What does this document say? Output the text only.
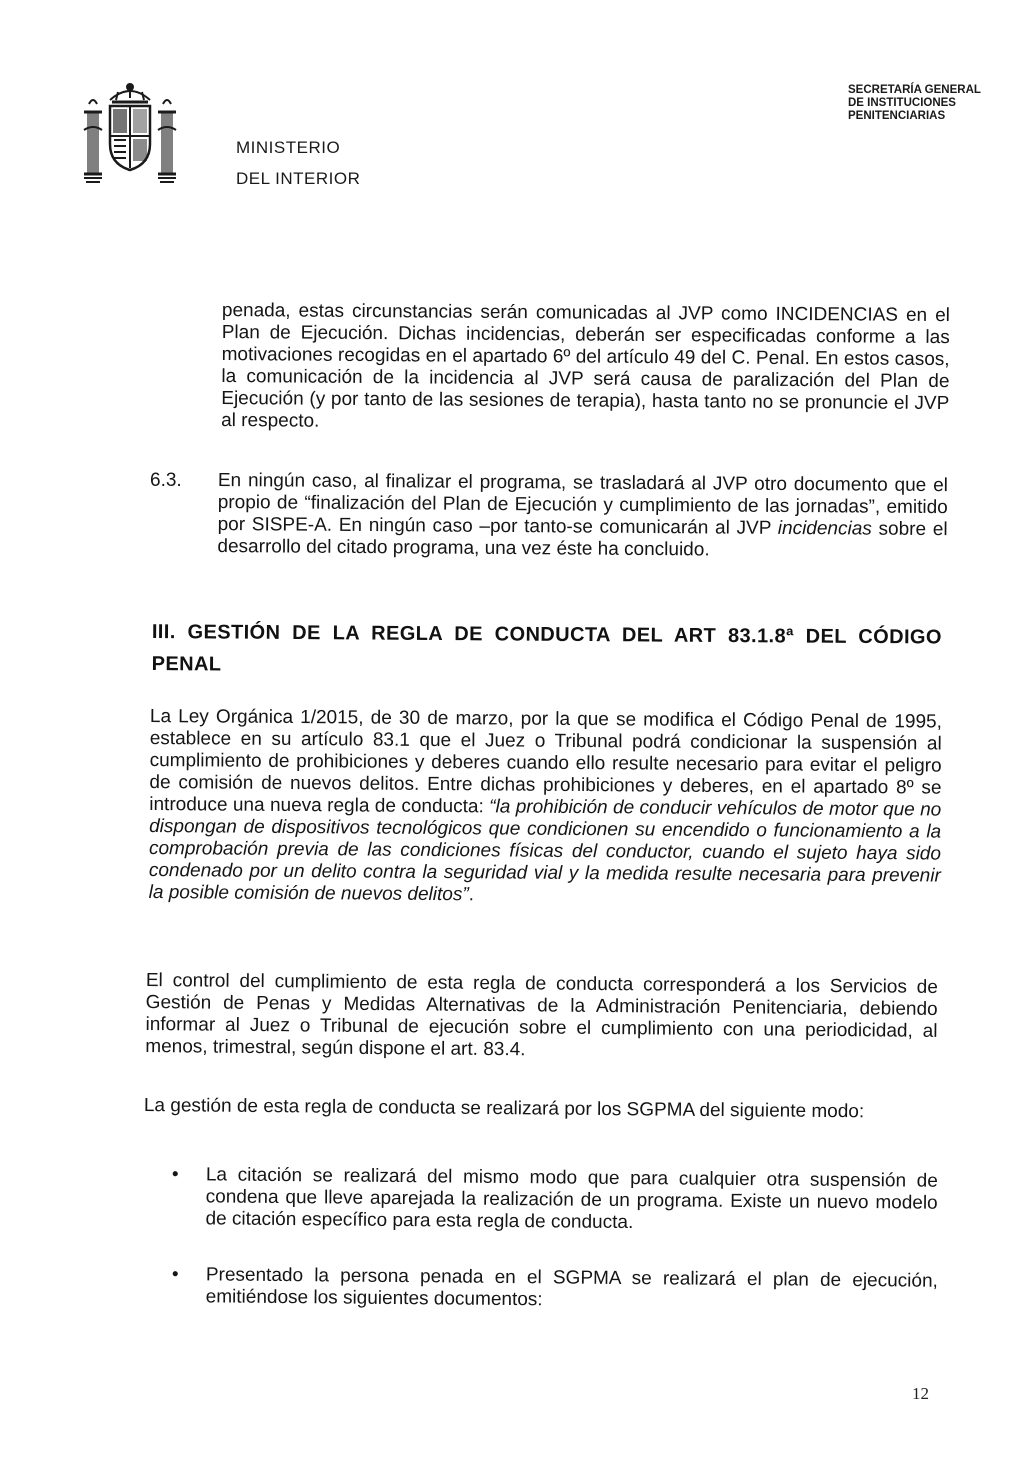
MINISTERIO
DEL INTERIOR
SECRETARÍA GENERAL
DE INSTITUCIONES
PENITENCIARIAS

penada, estas circunstancias serán comunicadas al JVP como INCIDENCIAS en el Plan de Ejecución. Dichas incidencias, deberán ser especificadas conforme a las motivaciones recogidas en el apartado 6º del artículo 49 del C. Penal. En estos casos, la comunicación de la incidencia al JVP será causa de paralización del Plan de Ejecución (y por tanto de las sesiones de terapia), hasta tanto no se pronuncie el JVP al respecto.

6.3. En ningún caso, al finalizar el programa, se trasladará al JVP otro documento que el propio de “finalización del Plan de Ejecución y cumplimiento de las jornadas”, emitido por SISPE-A. En ningún caso –por tanto-se comunicarán al JVP incidencias sobre el desarrollo del citado programa, una vez éste ha concluido.

III. GESTIÓN DE LA REGLA DE CONDUCTA DEL ART 83.1.8ª DEL CÓDIGO PENAL

La Ley Orgánica 1/2015, de 30 de marzo, por la que se modifica el Código Penal de 1995, establece en su artículo 83.1 que el Juez o Tribunal podrá condicionar la suspensión al cumplimiento de prohibiciones y deberes cuando ello resulte necesario para evitar el peligro de comisión de nuevos delitos. Entre dichas prohibiciones y deberes, en el apartado 8º se introduce una nueva regla de conducta: “la prohibición de conducir vehículos de motor que no dispongan de dispositivos tecnológicos que condicionen su encendido o funcionamiento a la comprobación previa de las condiciones físicas del conductor, cuando el sujeto haya sido condenado por un delito contra la seguridad vial y la medida resulte necesaria para prevenir la posible comisión de nuevos delitos”.

El control del cumplimiento de esta regla de conducta corresponderá a los Servicios de Gestión de Penas y Medidas Alternativas de la Administración Penitenciaria, debiendo informar al Juez o Tribunal de ejecución sobre el cumplimiento con una periodicidad, al menos, trimestral, según dispone el art. 83.4.

La gestión de esta regla de conducta se realizará por los SGPMA del siguiente modo:

• La citación se realizará del mismo modo que para cualquier otra suspensión de condena que lleve aparejada la realización de un programa. Existe un nuevo modelo de citación específico para esta regla de conducta.
• Presentado la persona penada en el SGPMA se realizará el plan de ejecución, emitiéndose los siguientes documentos:
12
